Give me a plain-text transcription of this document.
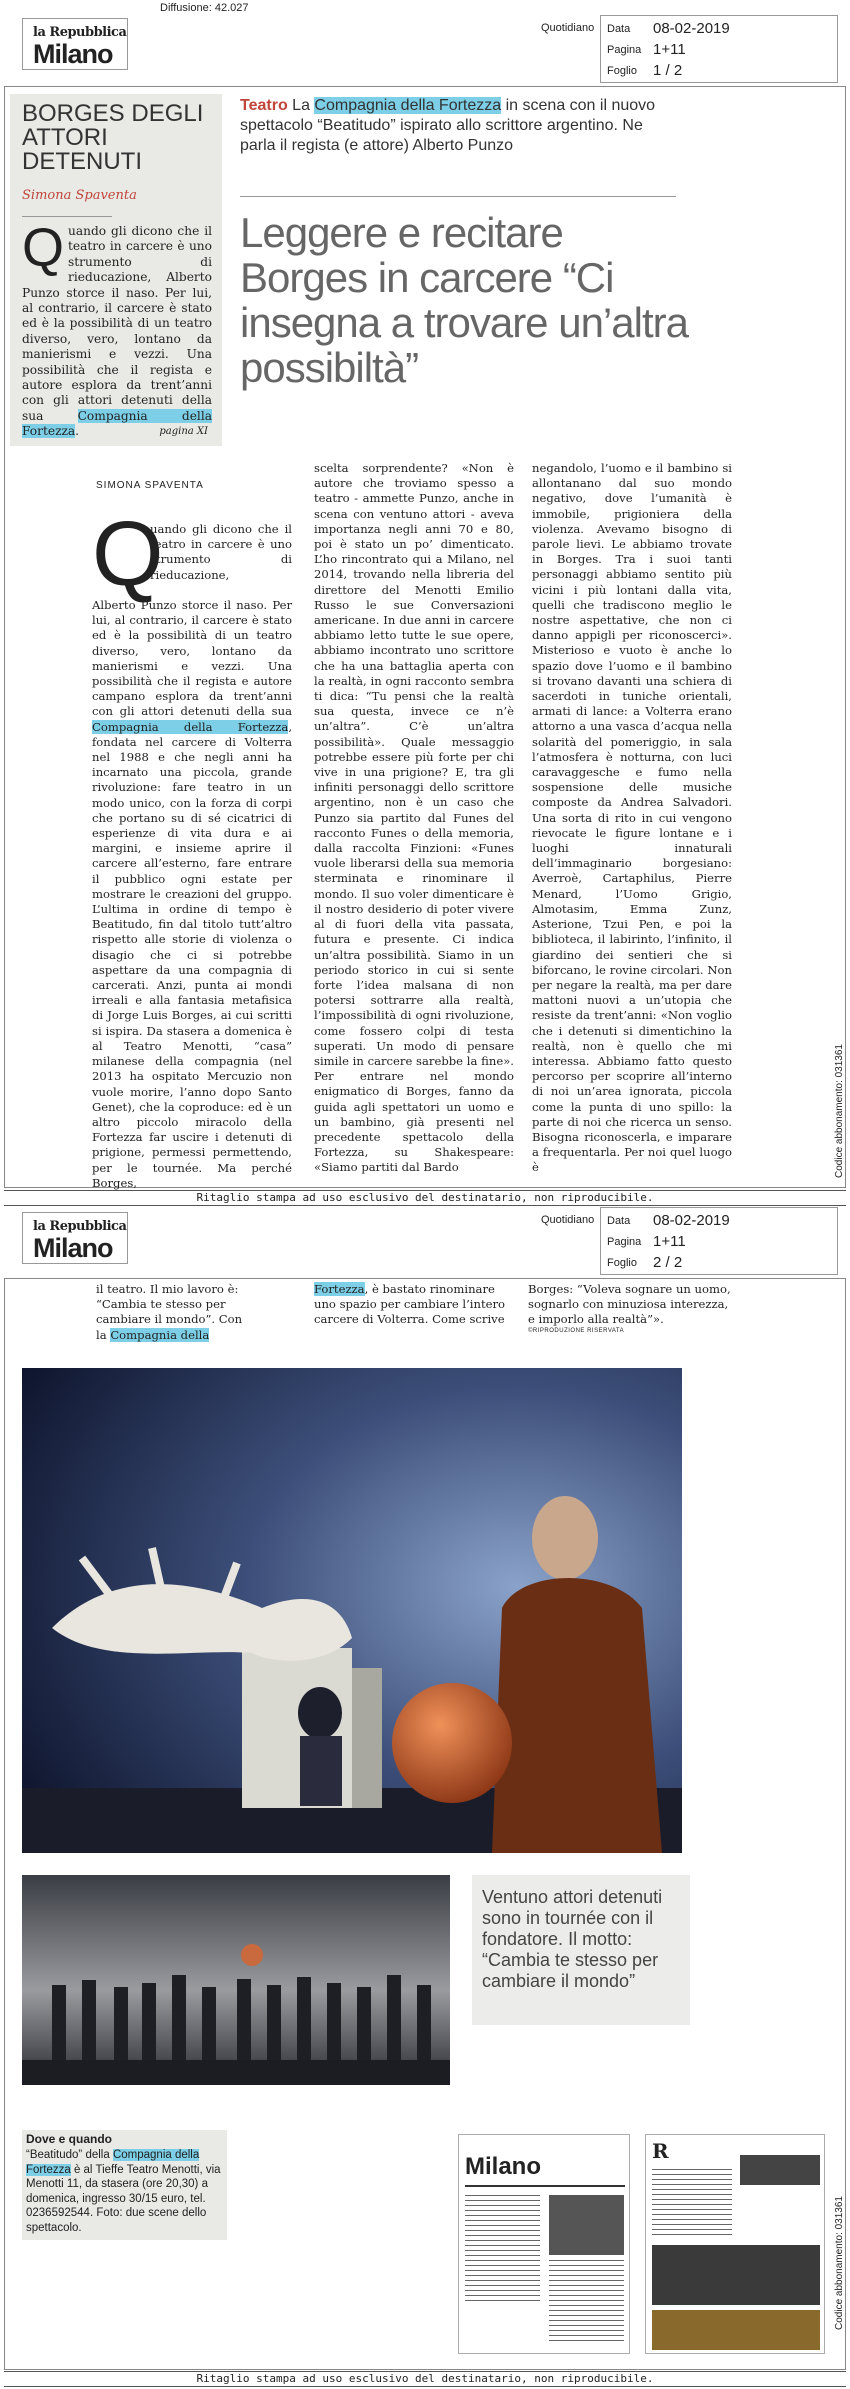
Diffusione: 42.027
la Repubblica
Milano
Quotidiano	Data	08-02-2019
Pagina 1+11
Foglio	1 / 2
BORGES DEGLI ATTORI DETENUTI
Simona Spaventa
Quando gli dicono che il teatro in carcere è uno strumento di rieducazione, Alberto Punzo storce il naso. Per lui, al contrario, il carcere è stato ed è la possibilità di un teatro diverso, vero, lontano da manierismi e vezzi. Una possibilità che il regista e autore esplora da trent’anni con gli attori detenuti della sua Compagnia della Fortezza.	pagina XI
Teatro La Compagnia della Fortezza in scena con il nuovo spettacolo “Beatitudo” ispirato allo scrittore argentino. Ne parla il regista (e attore) Alberto Punzo
Leggere e recitare Borges in carcere “Ci insegna a trovare un’altra possibiltà”
SIMONA SPAVENTA
Q
uando gli dicono che il teatro in carcere è uno strumento di rieducazione,
Alberto Punzo storce il naso. Per lui, al contrario, il carcere è stato ed è la possibilità di un teatro diverso, vero, lontano da manierismi e vezzi. Una possibilità che il regista e autore campano esplora da trent’anni con gli attori detenuti della sua Compagnia della Fortezza, fondata nel carcere di Volterra nel 1988 e che negli anni ha incarnato una piccola, grande rivoluzione: fare teatro in un modo unico, con la forza di corpi che portano su di sé cicatrici di esperienze di vita dura e ai margini, e insieme aprire il carcere all’esterno, fare entrare il pubblico ogni estate per mostrare le creazioni del gruppo. L’ultima in ordine di tempo è Beatitudo, fin dal titolo tutt’altro rispetto alle storie di violenza o disagio che ci si potrebbe aspettare da una compagnia di carcerati. Anzi, punta ai mondi irreali e alla fantasia metafisica di Jorge Luis Borges, ai cui scritti si ispira. Da stasera a domenica è al Teatro Menotti, “casa” milanese della compagnia (nel 2013 ha ospitato Mercuzio non vuole morire, l’anno dopo Santo Genet), che la coproduce: ed è un altro piccolo miracolo della Fortezza far uscire i detenuti di prigione, permessi permettendo, per le tournée. Ma perché Borges,
scelta sorprendente? «Non è autore che troviamo spesso a teatro - ammette Punzo, anche in scena con ventuno attori - aveva importanza negli anni 70 e 80, poi è stato un po’ dimenticato. L’ho rincontrato qui a Milano, nel 2014, trovando nella libreria del direttore del Menotti Emilio Russo le sue Conversazioni americane. In due anni in carcere abbiamo letto tutte le sue opere, abbiamo incontrato uno scrittore che ha una battaglia aperta con la realtà, in ogni racconto sembra ti dica: “Tu pensi che la realtà sua questa, invece ce n’è un’altra”. C’è un’altra possibilità». Quale messaggio potrebbe essere più forte per chi vive in una prigione? E, tra gli infiniti personaggi dello scrittore argentino, non è un caso che Punzo sia partito dal Funes del racconto Funes o della memoria, dalla raccolta Finzioni: «Funes vuole liberarsi della sua memoria sterminata e rinominare il mondo. Il suo voler dimenticare è il nostro desiderio di poter vivere al di fuori della vita passata, futura e presente. Ci indica un’altra possibilità. Siamo in un periodo storico in cui si sente forte l’idea malsana di non potersi sottrarre alla realtà, l’impossibilità di ogni rivoluzione, come fossero colpi di testa superati. Un modo di pensare simile in carcere sarebbe la fine». Per entrare nel mondo enigmatico di Borges, fanno da guida agli spettatori un uomo e un bambino, già presenti nel precedente spettacolo della Fortezza, su Shakespeare: «Siamo partiti dal Bardo
negandolo, l’uomo e il bambino si allontanano dal suo mondo negativo, dove l’umanità è immobile, prigioniera della violenza. Avevamo bisogno di parole lievi. Le abbiamo trovate in Borges. Tra i suoi tanti personaggi abbiamo sentito più vicini i più lontani dalla vita, quelli che tradiscono meglio le nostre aspettative, che non ci danno appigli per riconoscerci». Misterioso e vuoto è anche lo spazio dove l’uomo e il bambino si trovano davanti una schiera di sacerdoti in tuniche orientali, armati di lance: a Volterra erano attorno a una vasca d’acqua nella solarità del pomeriggio, in sala l’atmosfera è notturna, con luci caravaggesche e fumo nella sospensione delle musiche composte da Andrea Salvadori. Una sorta di rito in cui vengono rievocate le figure lontane e i luoghi innaturali dell’immaginario borgesiano: Averroè, Cartaphilus, Pierre Menard, l’Uomo Grigio, Almotasim, Emma Zunz, Asterione, Tzui Pen, e poi la biblioteca, il labirinto, l’infinito, il giardino dei sentieri che si biforcano, le rovine circolari. Non per negare la realtà, ma per dare mattoni nuovi a un’utopia che resiste da trent’anni: «Non voglio che i detenuti si dimentichino la realtà, non è quello che mi interessa. Abbiamo fatto questo percorso per scoprire all’interno di noi un’area ignorata, piccola come la punta di uno spillo: la parte di noi che ricerca un senso. Bisogna riconoscerla, e imparare a frequentarla. Per noi quel luogo è	Codice abbonamento: 031361
Ritaglio stampa ad uso esclusivo del destinatario, non riproducibile.
la Repubblica
Milano
Quotidiano	Data	08-02-2019
Pagina 1+11
Foglio	2 / 2
il teatro. Il mio lavoro è: “Cambia te stesso per cambiare il mondo”. Con la Compagnia della
Fortezza, è bastato rinominare uno spazio per cambiare l’intero carcere di Volterra. Come scrive
Borges: “Voleva sognare un uomo, sognarlo con minuziosa interezza, e imporlo alla realtà”».
©RIPRODUZIONE RISERVATA
Ventuno attori detenuti sono in tournée con il fondatore. Il motto: “Cambia te stesso per cambiare il mondo”
Dove e quando
“Beatitudo” della Compagnia della Fortezza è al Tieffe Teatro Menotti, via Menotti 11, da stasera (ore 20,30) a domenica, ingresso 30/15 euro, tel. 0236592544. Foto: due scene dello spettacolo.
Milano
R
Codice abbonamento: 031361
Ritaglio stampa ad uso esclusivo del destinatario, non riproducibile.
